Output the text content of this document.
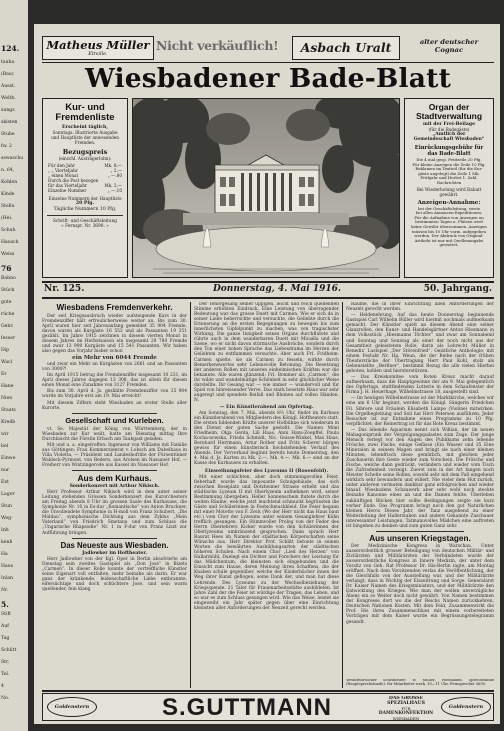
124.
tauba
(Bau)
Ausst.
Weltb.
sungs
skisten
Stube
fw. 2
sswaschu
n. 64,
Kohlen
Kinde
Stellu
(Hei.
Schuh
Hausch
Weiss
76
Bahno
Stück
gute
rüche
Gebr.
fesser
Dip
Wacl
Er
Hane
Nien
Staats
Kredb
wir
bel
Einwe
nur
Ext
Lager
Stun
Weg-
Inh
kenh
Ha
Haus
Inlan
Nr.
5.
Stift
Auf
Tag
Schütt
Str.
Tel.
4
No.
Matheus Müller
Eltville.
Nicht verkäuflich!	Asbach Uralt	alter deutscher
Cognac
Wiesbadener Bade-Blatt
Kur- und
Fremdenliste
Erscheint täglich,
Sonntags: Illustrierte Ausgabe
und Hauptliste der anwesenden
Fremden.
Bezugspreis
(einschl. Austrägerlohn):
Für den Jahr	Mk. 8.—
„ „ Vierteljahr	„ 2.—
„ einen Monat	„ —.80
Durch die Post bezogen
für das Vierteljahr	Mk. 2.—
Einzelne Nummer	„ —.10
Einzeine Nummern der Hauptliste
20 Pfg.
Tägliche Nummern 10 Pfg.
Schrift- und Geschäftsleitung
« Fernspr. Nr. 3690. »
Organ der
Stadtverwaltung
mit der Frei-Beilage
(für die Badegäste)
„Amtlich der
Gemeindeschaft Wiesbaden“
Einrückungsgebühr für
das Bade-Blatt
Die 4 mal gesp. Petitzeile 20 Pfg.
Für kleine Anzeigen die Zeile 10 Pfg.
Reklamen im Textteil (für die Kur-
gäste angelegt) die Zeile 1 Mk.
Frühjahr und Herbst 1. Zahl. Nachrichten
Bei Wiederholung wird Rabatt
gewährt.
Anzeigen-Annahme:
bei der Geschäftsleitung, sowie
bei allen Annoncen-Expeditionen.
Für die Aufnahme von Anzeigen an
bestimmten Tagen u. Plätzen wird
keine Gewähr übernommen. Anzeigen
müssen bis 10 Uhr vorm. aufgegeben
werden. Der Abdruck von Original-
Artikeln ist nur mit Quellenangabe
gestattet.
Nr. 125.	Donnerstag, 4. Mai 1916.	50. Jahrgang.
Wiesbadens Fremdenverkehr.

Der seit Kriegsausbruch wieder aufsteigende Kurs in der Fremdenziffer hält erfreulicherweise weiter an. Bis zum 30. April waren hier seit Jahresanfang gemeldet 35 904 Fremde, davon waren als Kurgäste 16 553 und als Passanten 19 351 gezählt. Im Jahre 1915 zeichnen in diesem vierten Monat in diesem Jahres im Herbstsaison ein insgesamt 29 780 Fremde und zwar 13 990 Kurgäste und 15 541 Passanten. Wir haben also gegen das Vorjahr bisher schon

ein Mehr von 6044 Fremde

und zwar ein Mehr an Kurgästen von 2661 und an Passanten von 3000?!

Im April 1915 betrug die Fremdenziffer insgesamt 10 231, im April dieses Jahres dagegen 13 308, das ist allein für diesen einen Monat eine Zunahme von 3127 Fremden.

Bis zum 30. April d. Js. gezählte Fremdenziffer von 35 904 wurde im Vorjahre erst am 19. Mai erreicht!

Mit diesem Ziffern steht Wiesbaden an erster Stelle aller Kurorte.

Gesellschaft und Kurleben.

vt. Se. Majestät der König von Württemberg, der in Wiesbaden zur Kur weilt, hatte am Dienstag mittag Ihre Durchlaucht die Fürstin Erbach am Taubgast geladen.

Mit und u. a. eingetroffen: Ingenieur von Williams mit Familie aus Göttingen; Frau Kommerzienrat v. Lobsch am Dubelhaus in Villa Violetta, — Präsident und Landeshofräte der Fürsentümer Waldeck-Pyrmont, von Redern, aus Arolsen im Nassauer Hof. — Freiherr von Wintzingerode aus Kassel im Nassauer Hof.

Aus dem Kurhaus.
Sonderkonzert mit Arthur Nikisch.

Herr Professor Arthur Nikisch wird in dem unter seiner Leitung stehenden Grossen Sonderkonzert des Kurorchesters am Freitag abends 8 Uhr im grossen Saale des Kurhauses, die Symphonie Nr. 10 in Es-dur „Romantische“ von Anton Bruckner, die Unvollendete Symphonie in H-moll von Franz Schubert, „Die Moldau“, symphonische Dichtung aus dem Zyklus „Mein Vaterland“ von Friedrich Smetana und zum Schluss die „Ungarische Rhapsodie“ Nr. 1 in F-dur von Franz Liszt zur Aufführung bringen.

Das Neueste aus Wiesbaden.
Jadlowker im Hoftheater.

Herr Jadlowker von der Kgl. Oper in Berlin absolvierte am Dienstag sein zweites Gastspiel als „Don José“ in Bizets „Carmen“. In dieser Rolle konnte der vortreffliche Künstler seine Eigenart voll entfalten, mehr beinahe als darin. Er war ganz der kränkende, leidenschaftliche Liebe entbrannte, eifersüchtige und doch schüchtere Jose, und sein warm quellender, fein klang

Der Tenorgesang seiner üppigen, leicht und reich quellenden Stimme erhöhten Eindruck. Eine Leistung von überragender Bedeutung war das grosse Duett mit Carmen. Wie er sich da in seiner Liebe beherrschte und versuchte, die Geliebte durch die Erinnerung an die ersten Begegnungen zu bewegen bis zum innerlichsten Gipfelpunkt zu machen, was von tragischster Wirkung. Die ganze Innigkeit seines Organs durchflutete und rührte auch in dem wunderbaren Duett mit Micaëla und die Szene, wo er nicht davon stürmische Ausbrüche, sondern durch den Ton einer hohen Sprache das Liebesdrama im Herzen der Geliebten zu entflammen versuchte. Aber auch Frl. Fridheim-Carmen spielte, sie als Carmen zu fesseln, wirkte durch Bemerkenswertes sehr Lebensvolle Betonung. Die Besetzung der anderen Rollen mit unseren einheimischen Kräften war die bekannte. Alle waren glänzend: Frl. Bommer als „Carmen“, die ihr wilde und wandelmütige Schönheit in sehr glücklicher Weise darstellte. Ihr Gesang war — wie immer — wundervoll und für Spiel von hinreissender Verve. Das stark besetzte Haus war sehr angeregt und spendete Beifall und Blumen auf vollen Händen. N.

— Ein Künstlerabend am Opfertag.

Am Sonntag, den 7. Mai, abends 8½ Uhr, findet im Kurhaus ein Künstlerabend von Mitgliedern des Königl. Hoftheaters statt. Die ersten bildenden Kräfte unserer Hofbühne sich wiederum in den Dienst der guten Sache gestellt. Die Namen Mimi Friedheim, Olga Gerda, Lili Haas, Anni Hans-Zoepffel, Paula Kocha-nowska, Frieda Schmidt, Nic. Geisse-Winkel, Max Haas, Bernhard Herrmann, Artur Rother und Fritz Scherer bürgen gewiss für einen künstlerisch hochstehenden Verlauf des Abends. Der Vorverkauf beginnt bereits heute Donnerstag, den 4. Mai d. Js. Karten zu Mk. 2.—, Mk. 4.—, Mk. 6.— sind an der Kasse des Kurhauses zu erhalten.

Einweihungsfeier des Lyzeums II (Rosenfeld).

Mit einer schlichten, aber doch stimmungsvollen Feier, fieberhaft wurde das imposante Schulgebäude, das sich zwischen Boseplatz und Dotzheimer Strasse erhebt und das städtische Lyzeum II mit Oberlyzeum aufnehmen wird, seiner Bestimmung übergeben. Heller Sonnenschein flutete durch die weiten Räume, welche jetzt leuchtend schmuckt begrüssten die Gäste und Schülerinnen in Festschmuckkleid. Die Feier begann mit einer Motette von F. Zeck (Wo der Herr nicht das Haus baut etc.) vom Chor der Lyzeums unter seinem Gesanglehrer Kühn trefflich gesungen. Ein Stimmvoller Prolog von der Feder des Herrn Oberlehrers Kicker wurde von den Schülerinnen der Oberlyzeums umkränzend gesprochen. Dann sprach Herr Baurat Hees im Namen der städtischen Körperschaften seine Wünsche aus. Herr Direktor Prof. Schlitt betonte in seinen Worten die bewährten Ausbildungsarten der städtischen höheren Schulen. Nach einem Chor „Lied des Herzen“ von Hallarmühl, Duelegt ein Dichter und Forschers der Leistung für das Mädchentum, die kleinsten sich eingebunden und die Einsicht zum Hause, deren Meinung ihren Schaffens, die der Knaben schule gegenüber, welche der Kinderbücher innen der Weg ihrer Kunst geflogen, seine Dank der, und man hat diese Lehrende. Des Lyzeums zu der Wechselbeziehung der Kriegsspende. 21 Taler für Frauenarbeitsstätte ausbildeten. Ist Jahre Zahl der die Feier ist würdige der Tragen, das Leben, und so war es zum Schluss gesungen wird. Wie das Weise, leistet sie eingeweiht ein Jahr später gegen über eine Einrichtung kleinsten aller Anforderungen der Neuzeit gerecht werden.

Räume, die in ihrer Einrichtung allen Anforderungen der Neuzeit gerecht werden.

— Heldenehrung. Auf das heute Donnerstag beginnende Gastspiel Carl Wilhelm Büller wird hiermit nochmals aufmerksam gemacht. Der Künstler spielt an diesem Abend eine seiner Glanzrollen, den Kunst- und Handelsgärtner Anton Hiesmann in dem Volksstück „Hiesmanns Töchter“ und zwar am Sonnabend und Sonntag und Sonntag als einer der noch nicht aus der Gesamtheit geleistetem Rolle, darin als Lebrecht Müller in Benedix' Lustspiel „Der Störenfried“. Geistliche Anthologie, mit einem Festakt Nr. Ha. Weun, die der Reihe nach der frühen Theaterstücke der Übertragung Herr Paul Kohl, stolz als Gebenstellte „Berliner“, bestimmt Bezug die alle vielen Hierbei geboten, kohlen und hiersterstürzen.

— Das Kreiskomitee vom Roten Kreuz macht darauf aufmerksam, dass die Hauptgewinne der am 9. Mai gelegentlich des Opfertags, stattfindenden Lotterie in dem Schaufenster der Firma J. H. Heuerhage, Wilhelmstrasse 18, ausgestellt sind.

— Im heutigen Wilhelmstrasse ist der Marktkirche, welches wir eine am 6 Uhr beginnt, werden die Königl. Sängerin Friedchen Fil. Sibrere und Fräulein Elisabeth Lampe (Violine) mitwirken. Die Orgelbegleitung und Soli hat Herr Petersen ausführen. Jeder Besucher ist zur Entnahme eines Programms zu 10 Pfg. verpflichtet; der Reinertrag ist für das Rote Kreuz bestimmt.

— Das lebende Aquarium nennt sich Willian, der im neuen Mahagoniprunk der Vergnügungspalastes zum Zuge. Der junge Mensch verlegt vor den Augen des Publikums zehn lebende Frösche, zwei Fische, einige Gefässe (Ein Wasser und 35 Eine Mineralen in seinem Magen und bringt sie nach einer kleinen Minuten, lebenfrisch diese gemütlich, mit gleichen jeder Zuschauerin ihre Geste wieder zum Vorschein. Die Frösche und Fische, welche dann gedrückt, verändern und wieder vom Tisch die Zufriedenheit vorzeigt. Zuerst zum in der Art fangen noch Meister Schelte seine Rollen, sowohl sehr mit dem Fall eingehend wirklich sehr bewundern und willert. Nie vieler dem Hut zurück, unter anderem vermuten dankbar ganz erfolgreichen und wieder hinauf. Wiesbadens Schauwerk aber sehr wohl noch steckte Beinahe Kanonne eines an und die Damen fehlte. Überleben zukünftigen Blicken hier sollte Bedingungen zeigte sie kurz vorher Ende. Das Programm bringt noch den gut Naturlichen kleinen Heros Dieses Jahr, der Tanz ausgehend zu einer Weiterleitung der Hallerstaben und andere Gekannte Zuschauer interessanter Leistungen, Tatmanuvolles Mädchen eine auftreten ist hingehen zu denken und zum guten Ganz sehr.

Aus unseren Kriegstagen.

Der Medizinische Kongress in Warschau. Unter ausserordentlich grosser Beteiligung von deutschen Militär- und Zivilärzten und Militärärzten der Verbündeten wurde der ausserordentliche Kongress in Innere Medizin, der unter dem Vorsitz von Geh. Rat Professor Dr. His-Berlin tagte, am Montag eröffnet. Nach dem Vorsitzenden verlas die Veröffentlichung, der die Gleichfalls von der Ausstellung war, und der Militärärzte verlangt, dass in Wichtig der Eiszeitrung und Sorge. Generalarzt Dr. Kaiser Namen des Kriegsministers, und der Militärärzte den Entwicklung des Krieges. Wie man der wollen unverzügliche Äbens ein so Weiter doch nicht gewährt. Von Namen bestimmen der Kongresse dort wo die der Reichs Namen zurückkehren, Deutschen Nationen Kosten. Mit dem Feld, Zusammenwirkt die Prof. His ihres Zusammenschluss mit einem vorbereiteten Vorträgen mit dem Kaiser wurde ein Begrüssungstelegramm gesandt.

Verantwortlicher Schriftleiter: W. Müller, Wiesbaden. Sprechstunde (Hauptsprechstunde): für Mitarbeiter werk. 10—11 Uhr. Fernsprecher 3690.
Goldenstern	S.GUTTMANN	DAS GROSSE
SPEZIALHAUS
FÜR
DAMENKONFEKTION
WIESBADEN
Goldenstern
